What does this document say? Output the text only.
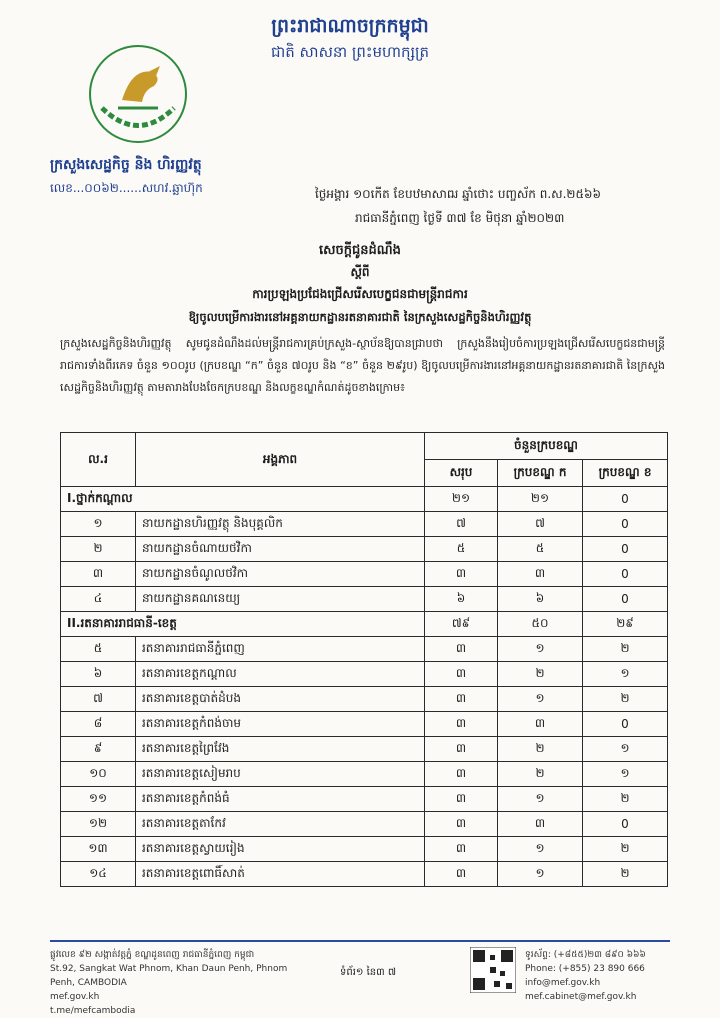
ព្រះរាជាណាចក្រកម្ពុជា
ជាតិ សាសនា ព្រះមហាក្សត្រ
ក្រសួងសេដ្ឋកិច្ច និង ហិរញ្ញវត្ថុ
លេខ...០០៦២......សហវ.ឆ្ឆាហ៊ុក	ថ្ងៃអង្គារ ១០កើត ខែបឋមាសាឍ ឆ្នាំថោះ បញ្ចស័ក ព.ស.២៥៦៦
រាជធានីភ្នំពេញ ថ្ងៃទី ៣៧ ខែ មិថុនា ឆ្នាំ២០២៣
សេចក្ដីជូនដំណឹង
ស្ដីពី
ការប្រឡងប្រជែងជ្រើសរើសបេក្ខជនជាមន្ត្រីរាជការ
ឱ្យចូលបម្រើការងារនៅអគ្គនាយកដ្ឋានរតនាគារជាតិ នៃក្រសួងសេដ្ឋកិច្ចនិងហិរញ្ញវត្ថុ
ក្រសួងសេដ្ឋកិច្ចនិងហិរញ្ញវត្ថុ សូមជូនដំណឹងដល់មន្ត្រីរាជការគ្រប់ក្រសួង-ស្ថាប័នឱ្យបានជ្រាបថា ក្រសួងនឹងរៀបចំការប្រឡងជ្រើសរើសបេក្ខជនជាមន្ត្រីរាជការទាំងពីរភេទ ចំនួន ១០០រូប (ក្របខណ្ឌ “ក” ចំនួន ៧០រូប និង “ខ” ចំនួន ២៩រូប) ឱ្យចូលបម្រើការងារនៅអគ្គនាយកដ្ឋានរតនាគារជាតិ នៃក្រសួងសេដ្ឋកិច្ចនិងហិរញ្ញវត្ថុ តាមតារាងបែងចែកក្របខណ្ឌ និងលក្ខខណ្ឌកំណត់ដូចខាងក្រោម៖
ល.រ	អង្គភាព	ចំនួនក្របខណ្ឌ		
		សរុប	ក្របខណ្ឌ ក	ក្របខណ្ឌ ខ
I.ថ្នាក់កណ្ដាល		២១	២១	0
១	នាយកដ្ឋានហិរញ្ញវត្ថុ និងបុគ្គលិក	៧	៧	0
២	នាយកដ្ឋានចំណាយថវិកា	៥	៥	0
៣	នាយកដ្ឋានចំណូលថវិកា	៣	៣	0
៤	នាយកដ្ឋានគណនេយ្យ	៦	៦	0
II.រតនាគាររាជធានី-ខេត្ត		៧៩	៥០	២៩
៥	រតនាគាររាជធានីភ្នំពេញ	៣	១	២
៦	រតនាគារខេត្តកណ្ដាល	៣	២	១
៧	រតនាគារខេត្តបាត់ដំបង	៣	១	២
៨	រតនាគារខេត្តកំពង់ចាម	៣	៣	0
៩	រតនាគារខេត្តព្រៃវែង	៣	២	១
១០	រតនាគារខេត្តសៀមរាប	៣	២	១
១១	រតនាគារខេត្តកំពង់ធំ	៣	១	២
១២	រតនាគារខេត្តតាកែវ	៣	៣	0
១៣	រតនាគារខេត្តស្វាយរៀង	៣	១	២
១៤	រតនាគារខេត្តពោធិ៍សាត់	៣	១	២
ផ្លូវលេខ ៩២ សង្កាត់វត្តភ្នំ ខណ្ឌដូនពេញ រាជធានីភ្នំពេញ កម្ពុជា
St.92, Sangkat Wat Phnom, Khan Daun Penh, Phnom Penh, CAMBODIA
mef.gov.kh
t.me/mefcambodia
ទំព័រ១ នៃ៣ ៧
ទូរស័ព្ទ: (+៨៥៥)២៣ ៨៩០ ៦៦៦
Phone: (+855) 23 890 666
info@mef.gov.kh
mef.cabinet@mef.gov.kh
